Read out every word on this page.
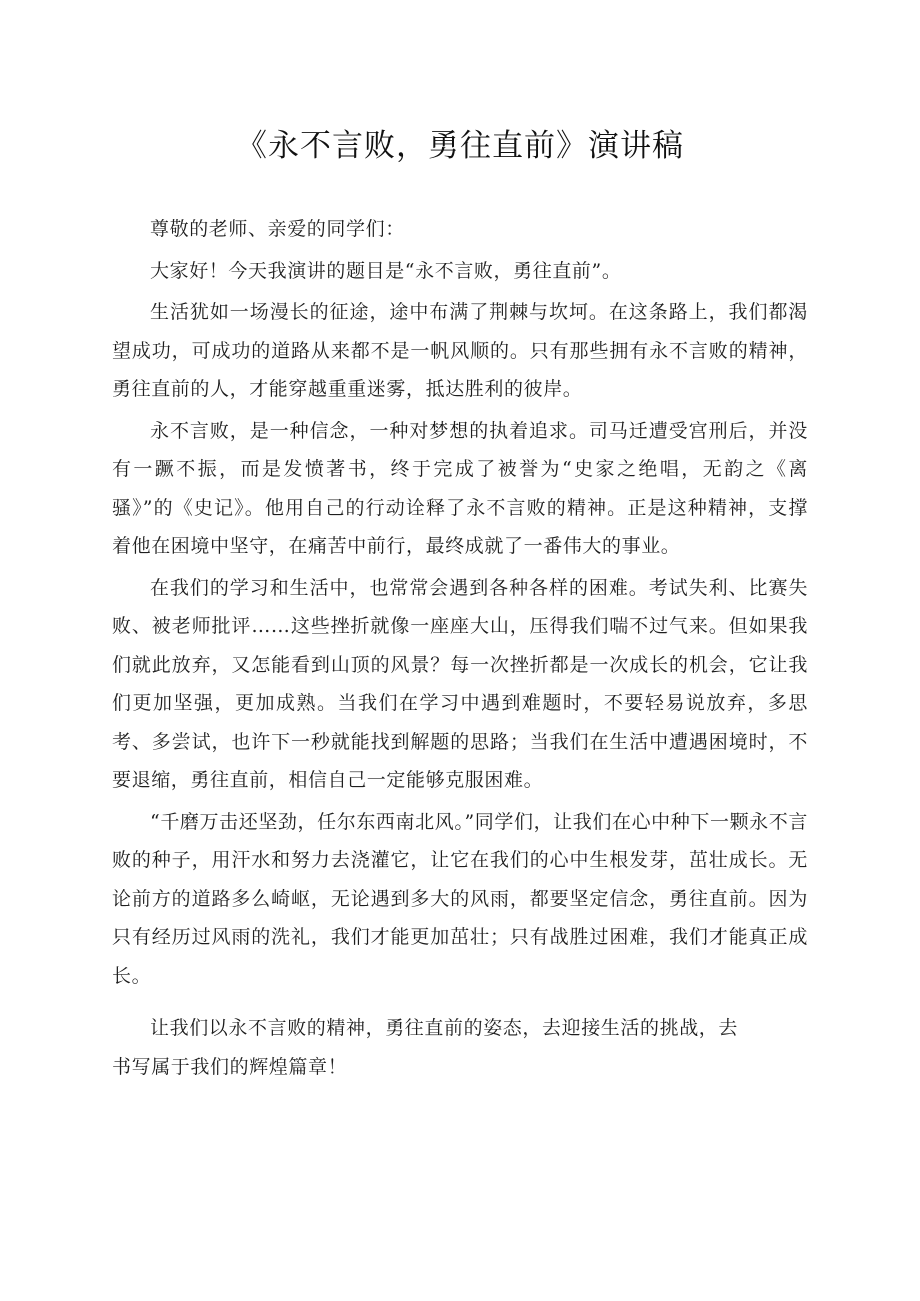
《永不言败，勇往直前》演讲稿

尊敬的老师、亲爱的同学们：

大家好！今天我演讲的题目是“永不言败，勇往直前”。

生活犹如一场漫长的征途，途中布满了荆棘与坎坷。在这条路上，我们都渴望成功，可成功的道路从来都不是一帆风顺的。只有那些拥有永不言败的精神，勇往直前的人，才能穿越重重迷雾，抵达胜利的彼岸。

永不言败，是一种信念，一种对梦想的执着追求。司马迁遭受宫刑后，并没有一蹶不振，而是发愤著书，终于完成了被誉为“史家之绝唱，无韵之《离骚》”的《史记》。他用自己的行动诠释了永不言败的精神。正是这种精神，支撑着他在困境中坚守，在痛苦中前行，最终成就了一番伟大的事业。

在我们的学习和生活中，也常常会遇到各种各样的困难。考试失利、比赛失败、被老师批评……这些挫折就像一座座大山，压得我们喘不过气来。但如果我们就此放弃，又怎能看到山顶的风景？每一次挫折都是一次成长的机会，它让我们更加坚强，更加成熟。当我们在学习中遇到难题时，不要轻易说放弃，多思考、多尝试，也许下一秒就能找到解题的思路；当我们在生活中遭遇困境时，不要退缩，勇往直前，相信自己一定能够克服困难。

“千磨万击还坚劲，任尔东西南北风。”同学们，让我们在心中种下一颗永不言败的种子，用汗水和努力去浇灌它，让它在我们的心中生根发芽，茁壮成长。无论前方的道路多么崎岖，无论遇到多大的风雨，都要坚定信念，勇往直前。因为只有经历过风雨的洗礼，我们才能更加茁壮；只有战胜过困难，我们才能真正成长。

让我们以永不言败的精神，勇往直前的姿态，去迎接生活的挑战，去
书写属于我们的辉煌篇章！
